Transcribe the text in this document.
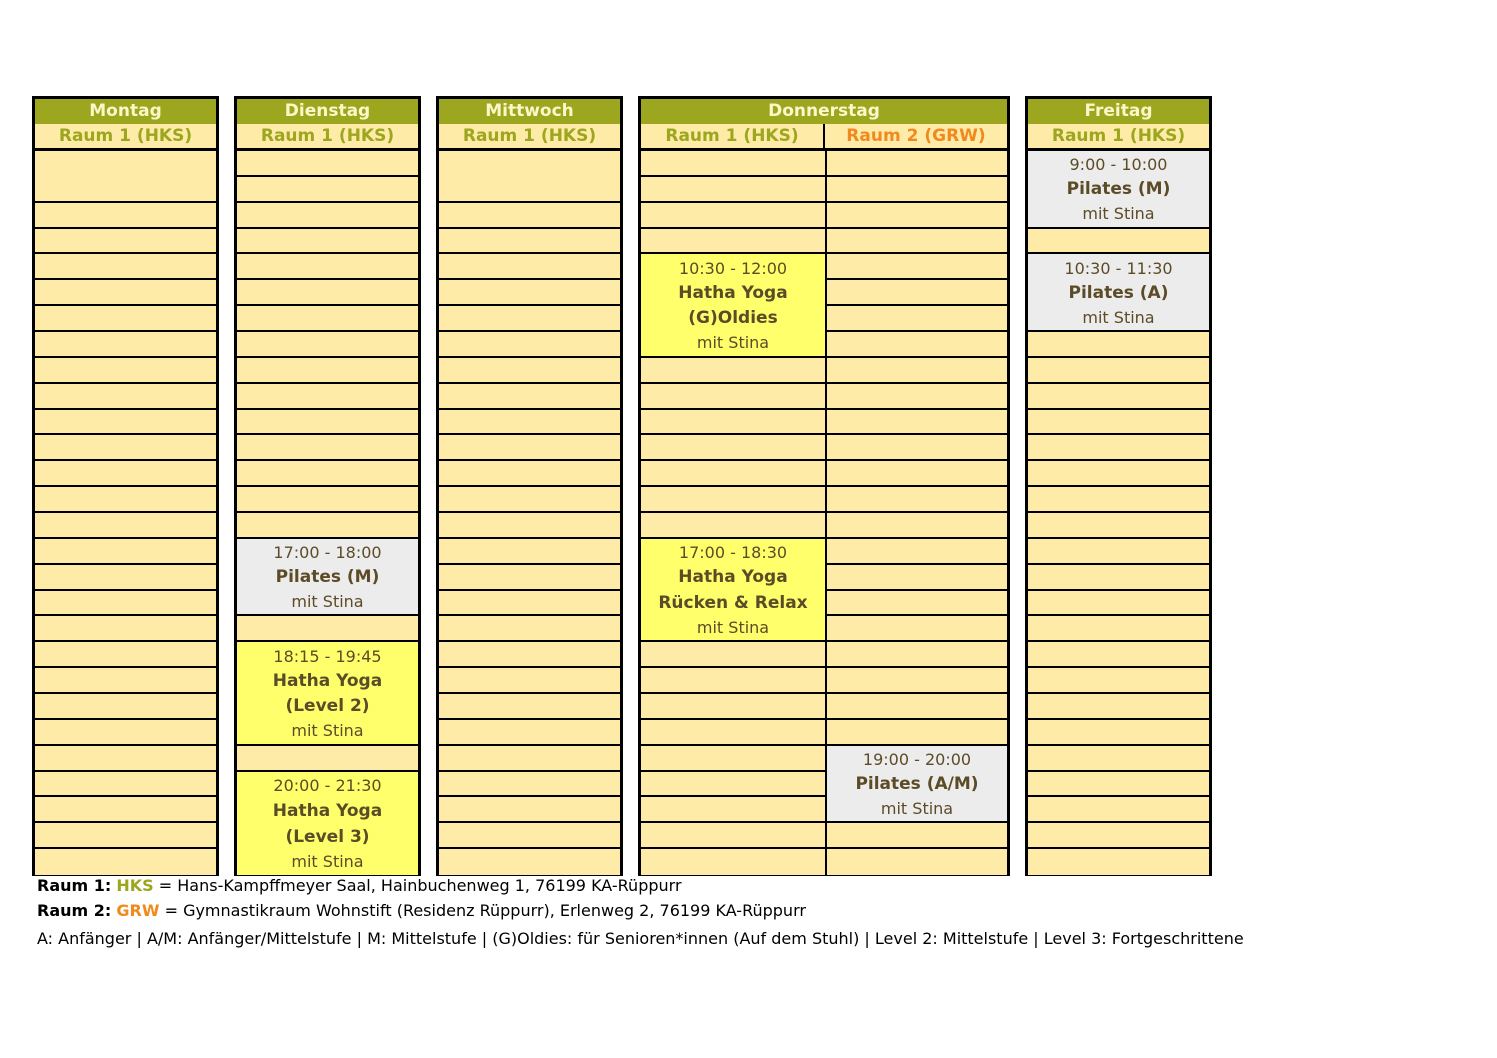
Montag
Raum 1 (HKS)
Dienstag
Raum 1 (HKS)
17:00 - 18:00
Pilates (M)
mit Stina
18:15 - 19:45
Hatha Yoga
(Level 2)
mit Stina
20:00 - 21:30
Hatha Yoga
(Level 3)
mit Stina
Mittwoch
Raum 1 (HKS)
Donnerstag
Raum 1 (HKS)	Raum 2 (GRW)
10:30 - 12:00
Hatha Yoga
(G)Oldies
mit Stina
17:00 - 18:30
Hatha Yoga
Rücken & Relax
mit Stina
19:00 - 20:00
Pilates (A/M)
mit Stina
Freitag
Raum 1 (HKS)
9:00 - 10:00
Pilates (M)
mit Stina
10:30 - 11:30
Pilates (A)
mit Stina
Raum 1: HKS = Hans-Kampffmeyer Saal, Hainbuchenweg 1, 76199 KA-Rüppurr
Raum 2: GRW = Gymnastikraum Wohnstift (Residenz Rüppurr), Erlenweg 2, 76199 KA-Rüppurr
A: Anfänger | A/M: Anfänger/Mittelstufe | M: Mittelstufe | (G)Oldies: für Senioren*innen (Auf dem Stuhl) | Level 2: Mittelstufe | Level 3: Fortgeschrittene
